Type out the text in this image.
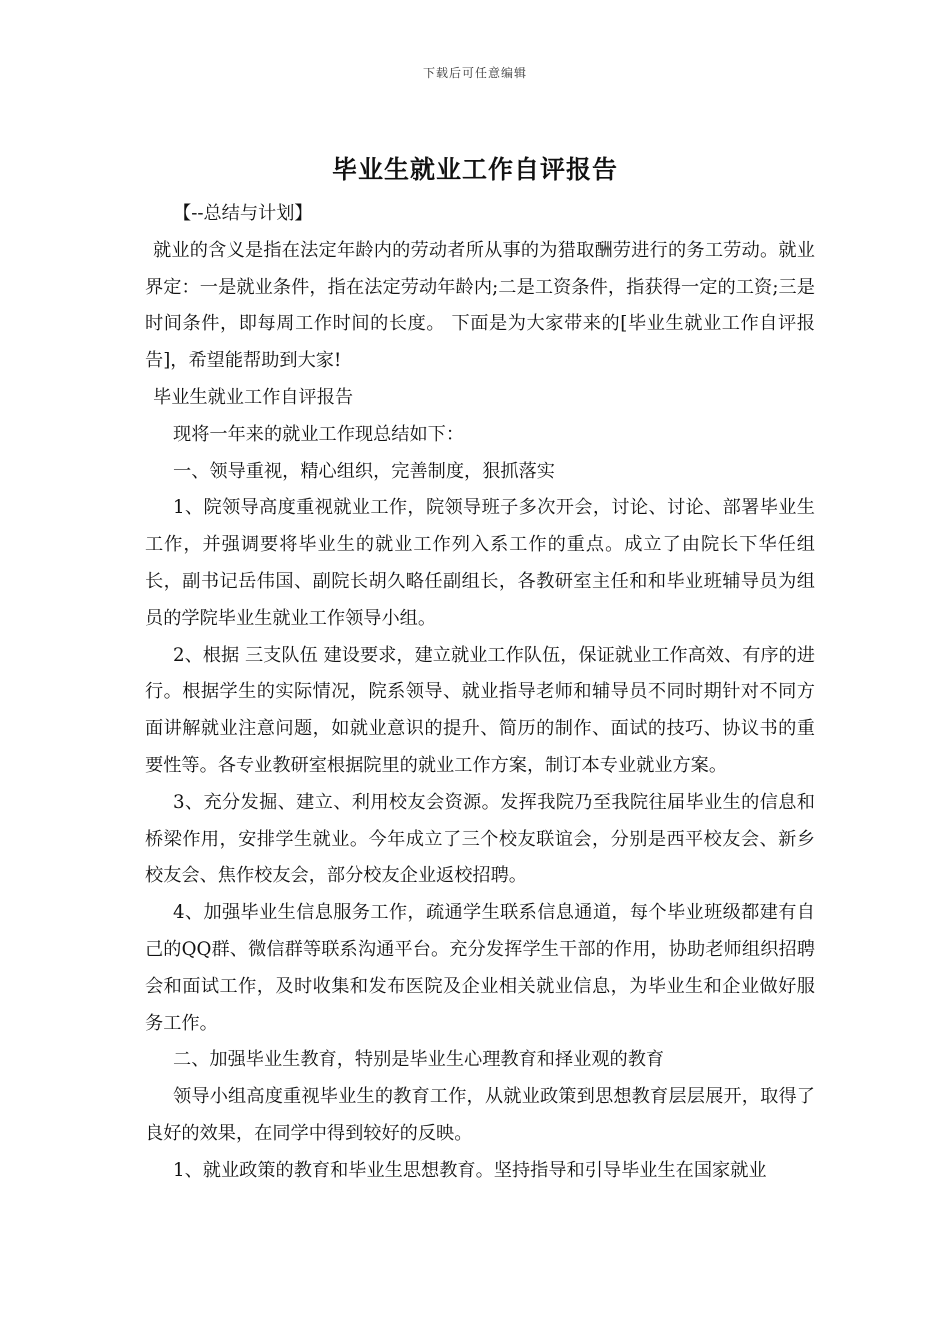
下载后可任意编辑
毕业生就业工作自评报告

【--总结与计划】

就业的含义是指在法定年龄内的劳动者所从事的为猎取酬劳进行的务工劳动。就业界定：一是就业条件，指在法定劳动年龄内;二是工资条件，指获得一定的工资;三是时间条件，即每周工作时间的长度。 下面是为大家带来的[毕业生就业工作自评报告]，希望能帮助到大家!

毕业生就业工作自评报告

现将一年来的就业工作现总结如下：

一、领导重视，精心组织，完善制度，狠抓落实

1、院领导高度重视就业工作，院领导班子多次开会，讨论、讨论、部署毕业生工作，并强调要将毕业生的就业工作列入系工作的重点。成立了由院长下华任组长，副书记岳伟国、副院长胡久略任副组长，各教研室主任和和毕业班辅导员为组员的学院毕业生就业工作领导小组。

2、根据 三支队伍 建设要求，建立就业工作队伍，保证就业工作高效、有序的进行。根据学生的实际情况，院系领导、就业指导老师和辅导员不同时期针对不同方面讲解就业注意问题，如就业意识的提升、简历的制作、面试的技巧、协议书的重要性等。各专业教研室根据院里的就业工作方案，制订本专业就业方案。

3、充分发掘、建立、利用校友会资源。发挥我院乃至我院往届毕业生的信息和桥梁作用，安排学生就业。今年成立了三个校友联谊会，分别是西平校友会、新乡校友会、焦作校友会，部分校友企业返校招聘。

4、加强毕业生信息服务工作，疏通学生联系信息通道，每个毕业班级都建有自己的QQ群、微信群等联系沟通平台。充分发挥学生干部的作用，协助老师组织招聘会和面试工作，及时收集和发布医院及企业相关就业信息，为毕业生和企业做好服务工作。

二、加强毕业生教育，特别是毕业生心理教育和择业观的教育

领导小组高度重视毕业生的教育工作，从就业政策到思想教育层层展开，取得了良好的效果，在同学中得到较好的反映。

1、就业政策的教育和毕业生思想教育。坚持指导和引导毕业生在国家就业
